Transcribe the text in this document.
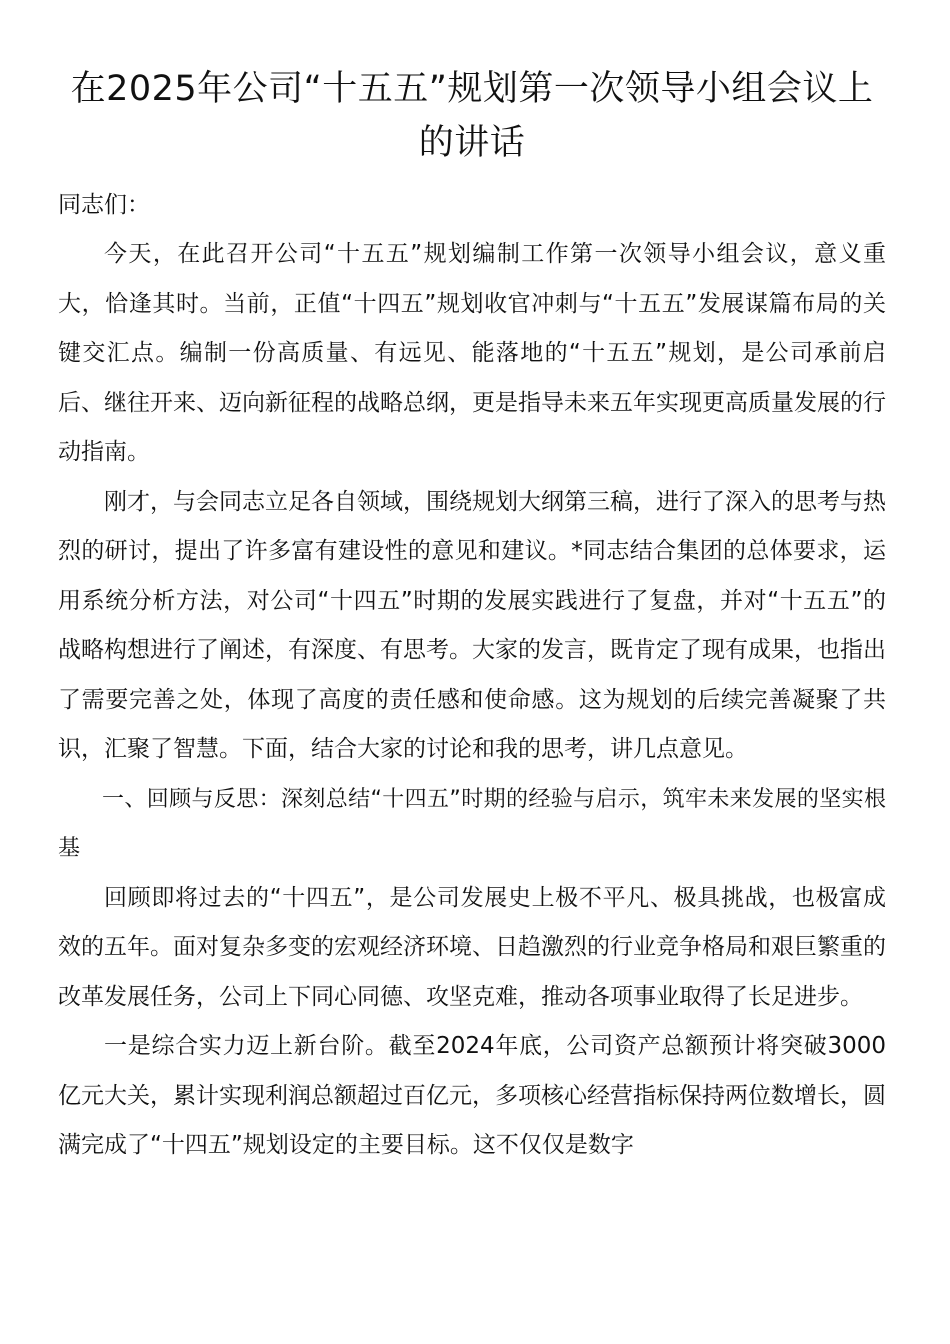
在2025年公司“十五五”规划第一次领导小组会议上的讲话

同志们：

今天，在此召开公司“十五五”规划编制工作第一次领导小组会议，意义重大，恰逢其时。当前，正值“十四五”规划收官冲刺与“十五五”发展谋篇布局的关键交汇点。编制一份高质量、有远见、能落地的“十五五”规划，是公司承前启后、继往开来、迈向新征程的战略总纲，更是指导未来五年实现更高质量发展的行动指南。

刚才，与会同志立足各自领域，围绕规划大纲第三稿，进行了深入的思考与热烈的研讨，提出了许多富有建设性的意见和建议。*同志结合集团的总体要求，运用系统分析方法，对公司“十四五”时期的发展实践进行了复盘，并对“十五五”的战略构想进行了阐述，有深度、有思考。大家的发言，既肯定了现有成果，也指出了需要完善之处，体现了高度的责任感和使命感。这为规划的后续完善凝聚了共识，汇聚了智慧。下面，结合大家的讨论和我的思考，讲几点意见。

一、回顾与反思：深刻总结“十四五”时期的经验与启示，筑牢未来发展的坚实根基

回顾即将过去的“十四五”，是公司发展史上极不平凡、极具挑战，也极富成效的五年。面对复杂多变的宏观经济环境、日趋激烈的行业竞争格局和艰巨繁重的改革发展任务，公司上下同心同德、攻坚克难，推动各项事业取得了长足进步。

一是综合实力迈上新台阶。截至2024年底，公司资产总额预计将突破3000亿元大关，累计实现利润总额超过百亿元，多项核心经营指标保持两位数增长，圆满完成了“十四五”规划设定的主要目标。这不仅仅是数字
